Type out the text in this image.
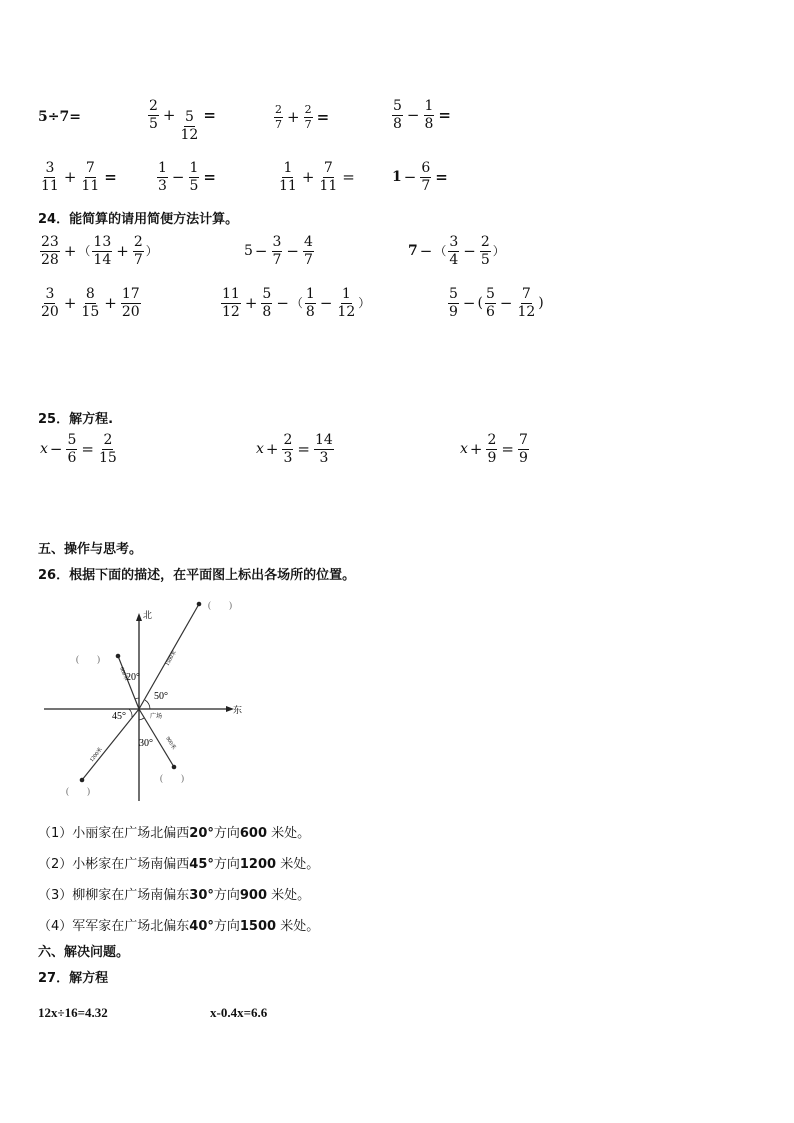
5÷7 =	$\frac{2}{5} + \frac{5}{12}$ =	$\frac{2}{7} + \frac{2}{7}$ =	$\frac{5}{8} - \frac{1}{8}$ =
$\frac{3}{11} + \frac{7}{11}$ =	$\frac{1}{3} - \frac{1}{5}$ =	$\frac{1}{11} + \frac{7}{11}$ =	$1 - \frac{6}{7}$ =
24．能简算的请用简便方法计算。
$\frac{23}{28}$ + （ $\frac{13}{14} + \frac{2}{7}$ ）	$5 - \frac{3}{7} - \frac{4}{7}$	7 − （ $\frac{3}{4} - \frac{2}{5}$ ）
$\frac{3}{20} + \frac{8}{15} + \frac{17}{20}$	$\frac{11}{12} + \frac{5}{8}$ − （ $\frac{1}{8} - \frac{1}{12}$ ）	$\frac{5}{9}$ − ( $\frac{5}{6} - \frac{7}{12}$ )
25．解方程.
$x - \frac{5}{6} = \frac{2}{15}$	$x + \frac{2}{3} = \frac{14}{3}$	$x + \frac{2}{9} = \frac{7}{9}$
五、操作与思考。
26．根据下面的描述，在平面图上标出各场所的位置。
北
东
广场
20°
50°
45°
30°
1500米
600米
1200米
900米
(　　)
(　　)
(　　)
(　　)
（1）小丽家在广场北偏西20°方向600 米处。
（2）小彬家在广场南偏西45°方向1200 米处。
（3）柳柳家在广场南偏东30°方向900 米处。
（4）军军家在广场北偏东40°方向1500 米处。
六、解决问题。
27．解方程
12x÷16=4.32	x-0.4x=6.6
